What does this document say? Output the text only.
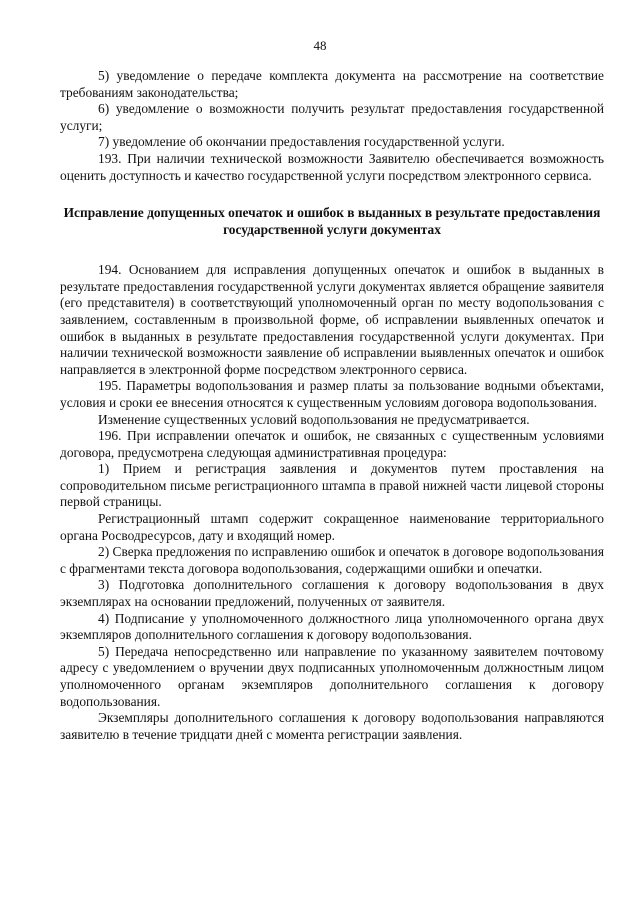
48

5) уведомление о передаче комплекта документа на рассмотрение на соответствие требованиям законодательства;

6) уведомление о возможности получить результат предоставления государственной услуги;

7) уведомление об окончании предоставления государственной услуги.

193. При наличии технической возможности Заявителю обеспечивается возможность оценить доступность и качество государственной услуги посредством электронного сервиса.

Исправление допущенных опечаток и ошибок в выданных в результате предоставления государственной услуги документах

194. Основанием для исправления допущенных опечаток и ошибок в выданных в результате предоставления государственной услуги документах является обращение заявителя (его представителя) в соответствующий уполномоченный орган по месту водопользования с заявлением, составленным в произвольной форме, об исправлении выявленных опечаток и ошибок в выданных в результате предоставления государственной услуги документах. При наличии технической возможности заявление об исправлении выявленных опечаток и ошибок направляется в электронной форме посредством электронного сервиса.

195. Параметры водопользования и размер платы за пользование водными объектами, условия и сроки ее внесения относятся к существенным условиям договора водопользования.

Изменение существенных условий водопользования не предусматривается.

196. При исправлении опечаток и ошибок, не связанных с существенным условиями договора, предусмотрена следующая административная процедура:

1) Прием и регистрация заявления и документов путем проставления на сопроводительном письме регистрационного штампа в правой нижней части лицевой стороны первой страницы.

Регистрационный штамп содержит сокращенное наименование территориального органа Росводресурсов, дату и входящий номер.

2) Сверка предложения по исправлению ошибок и опечаток в договоре водопользования с фрагментами текста договора водопользования, содержащими ошибки и опечатки.

3) Подготовка дополнительного соглашения к договору водопользования в двух экземплярах на основании предложений, полученных от заявителя.

4) Подписание у уполномоченного должностного лица уполномоченного органа двух экземпляров дополнительного соглашения к договору водопользования.

5) Передача непосредственно или направление по указанному заявителем почтовому адресу с уведомлением о вручении двух подписанных уполномоченным должностным лицом уполномоченного органам экземпляров дополнительного соглашения к договору водопользования.

Экземпляры дополнительного соглашения к договору водопользования направляются заявителю в течение тридцати дней с момента регистрации заявления.
